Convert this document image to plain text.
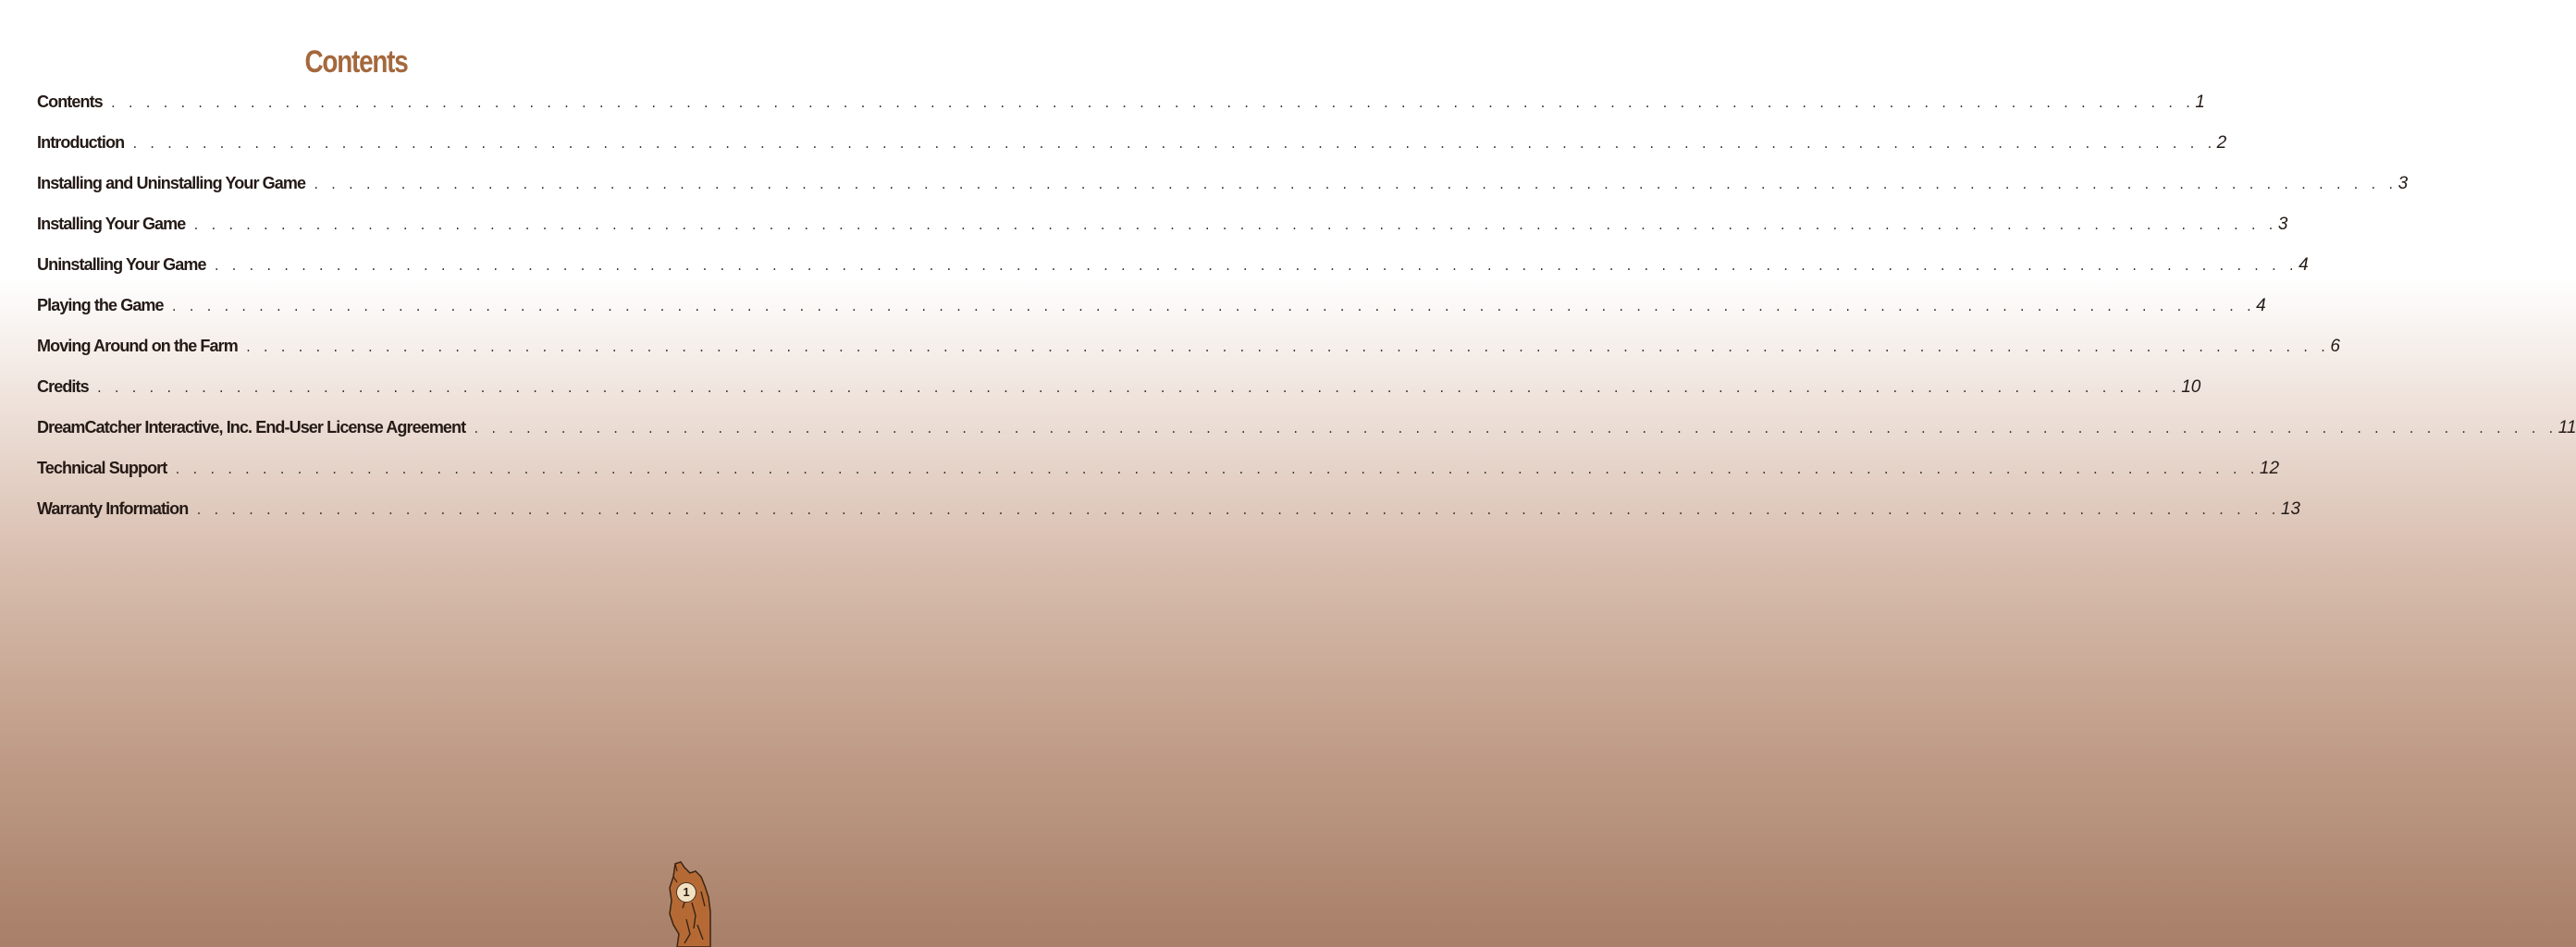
Contents
Contents . . . . . . . . . . . . . . . . . . . . . . . . . . . . . . . . . . . . . . . . . . . . . . . . . . . . . . . . . . . . . . . . . . . . . . . . . . . . . . . . . . . . . . . . . . . . . . . . . . . . . . . . . . . . . . . . . . . . . . . . 1
Introduction . . . . . . . . . . . . . . . . . . . . . . . . . . . . . . . . . . . . . . . . . . . . . . . . . . . . . . . . . . . . . . . . . . . . . . . . . . . . . . . . . . . . . . . . . . . . . . . . . . . . . . . . . . . . . . . . . . . . . . . . 2
Installing and Uninstalling Your Game . . . . . . . . . . . . . . . . . . . . . . . . . . . . . . . . . . . . . . . . . . . . . . . . . . . . . . . . . . . . . . . . . . . . . . . . . . . . . . . . . . . . . . . . . . . . . . . . . . . . . . . . . . . . . . . . . . . . . . . . 3
Installing Your Game . . . . . . . . . . . . . . . . . . . . . . . . . . . . . . . . . . . . . . . . . . . . . . . . . . . . . . . . . . . . . . . . . . . . . . . . . . . . . . . . . . . . . . . . . . . . . . . . . . . . . . . . . . . . . . . . . . . . . . . . 3
Uninstalling Your Game . . . . . . . . . . . . . . . . . . . . . . . . . . . . . . . . . . . . . . . . . . . . . . . . . . . . . . . . . . . . . . . . . . . . . . . . . . . . . . . . . . . . . . . . . . . . . . . . . . . . . . . . . . . . . . . . . . . . . . . . 4
Playing the Game . . . . . . . . . . . . . . . . . . . . . . . . . . . . . . . . . . . . . . . . . . . . . . . . . . . . . . . . . . . . . . . . . . . . . . . . . . . . . . . . . . . . . . . . . . . . . . . . . . . . . . . . . . . . . . . . . . . . . . . . 4
Moving Around on the Farm . . . . . . . . . . . . . . . . . . . . . . . . . . . . . . . . . . . . . . . . . . . . . . . . . . . . . . . . . . . . . . . . . . . . . . . . . . . . . . . . . . . . . . . . . . . . . . . . . . . . . . . . . . . . . . . . . . . . . . . . 6
Credits . . . . . . . . . . . . . . . . . . . . . . . . . . . . . . . . . . . . . . . . . . . . . . . . . . . . . . . . . . . . . . . . . . . . . . . . . . . . . . . . . . . . . . . . . . . . . . . . . . . . . . . . . . . . . . . . . . . . . . . . 10
DreamCatcher Interactive, Inc. End-User License Agreement . . . . . . . . . . . . . . . . . . . . . . . . . . . . . . . . . . . . . . . . . . . . . . . . . . . . . . . . . . . . . . . . . . . . . . . . . . . . . . . . . . . . . . . . . . . . . . . . . . . . . . . . . . . . . . . . . . . . . . . . 11
Technical Support . . . . . . . . . . . . . . . . . . . . . . . . . . . . . . . . . . . . . . . . . . . . . . . . . . . . . . . . . . . . . . . . . . . . . . . . . . . . . . . . . . . . . . . . . . . . . . . . . . . . . . . . . . . . . . . . . . . . . . . . 12
Warranty Information . . . . . . . . . . . . . . . . . . . . . . . . . . . . . . . . . . . . . . . . . . . . . . . . . . . . . . . . . . . . . . . . . . . . . . . . . . . . . . . . . . . . . . . . . . . . . . . . . . . . . . . . . . . . . . . . . . . . . . . . 13
1
